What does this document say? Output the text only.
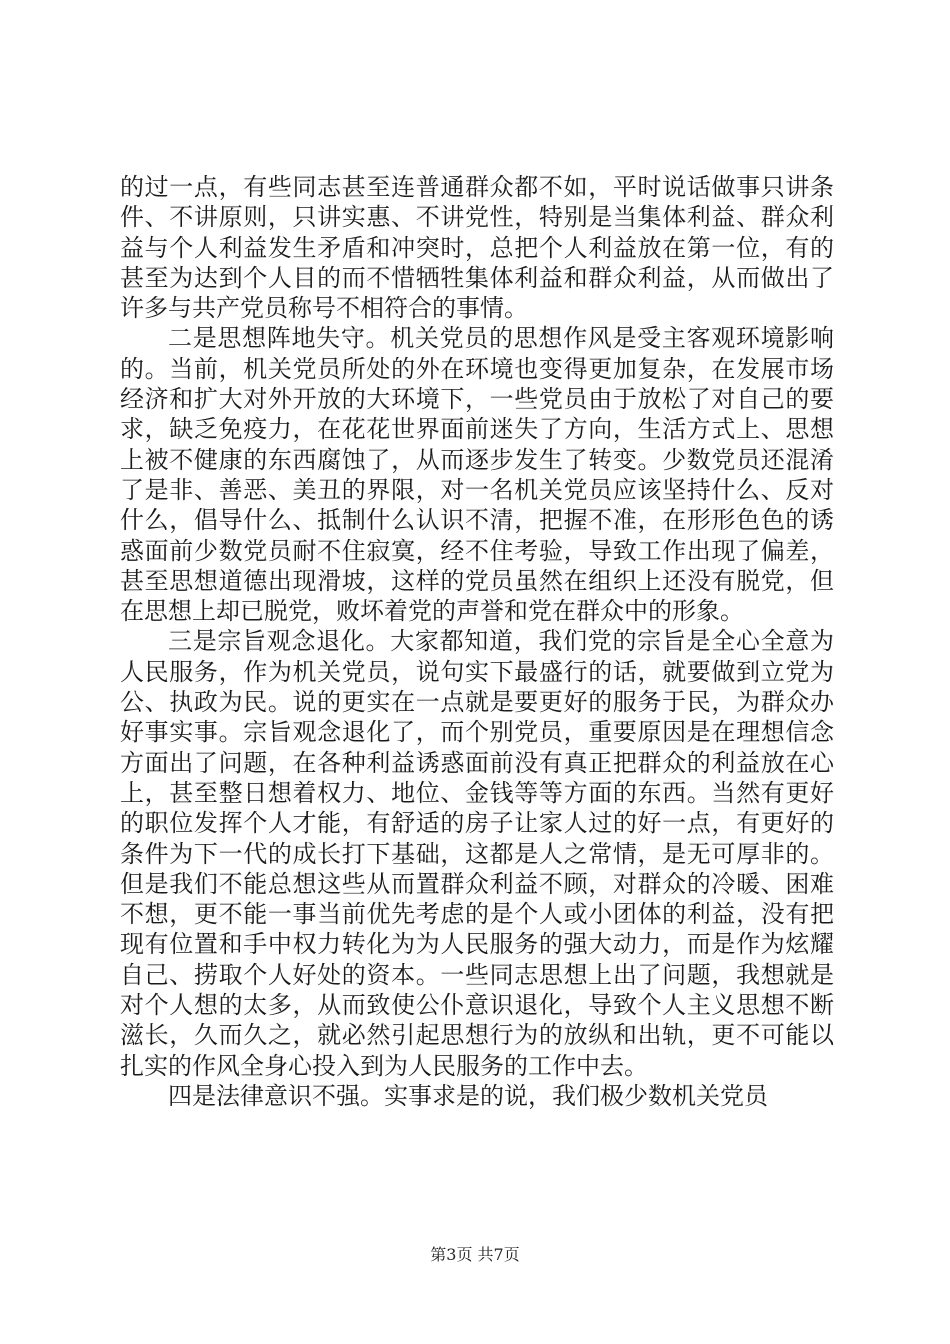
的过一点，有些同志甚至连普通群众都不如，平时说话做事只讲条件、不讲原则，只讲实惠、不讲党性，特别是当集体利益、群众利益与个人利益发生矛盾和冲突时，总把个人利益放在第一位，有的甚至为达到个人目的而不惜牺牲集体利益和群众利益，从而做出了许多与共产党员称号不相符合的事情。

二是思想阵地失守。机关党员的思想作风是受主客观环境影响的。当前，机关党员所处的外在环境也变得更加复杂，在发展市场经济和扩大对外开放的大环境下，一些党员由于放松了对自己的要求，缺乏免疫力，在花花世界面前迷失了方向，生活方式上、思想上被不健康的东西腐蚀了，从而逐步发生了转变。少数党员还混淆了是非、善恶、美丑的界限，对一名机关党员应该坚持什么、反对什么，倡导什么、抵制什么认识不清，把握不准，在形形色色的诱惑面前少数党员耐不住寂寞，经不住考验，导致工作出现了偏差，甚至思想道德出现滑坡，这样的党员虽然在组织上还没有脱党，但在思想上却已脱党，败坏着党的声誉和党在群众中的形象。

三是宗旨观念退化。大家都知道，我们党的宗旨是全心全意为人民服务，作为机关党员，说句实下最盛行的话，就要做到立党为公、执政为民。说的更实在一点就是要更好的服务于民，为群众办好事实事。宗旨观念退化了，而个别党员，重要原因是在理想信念方面出了问题，在各种利益诱惑面前没有真正把群众的利益放在心上，甚至整日想着权力、地位、金钱等等方面的东西。当然有更好的职位发挥个人才能，有舒适的房子让家人过的好一点，有更好的条件为下一代的成长打下基础，这都是人之常情，是无可厚非的。但是我们不能总想这些从而置群众利益不顾，对群众的冷暖、困难不想，更不能一事当前优先考虑的是个人或小团体的利益，没有把现有位置和手中权力转化为为人民服务的强大动力，而是作为炫耀自己、捞取个人好处的资本。一些同志思想上出了问题，我想就是对个人想的太多，从而致使公仆意识退化，导致个人主义思想不断滋长，久而久之，就必然引起思想行为的放纵和出轨，更不可能以扎实的作风全身心投入到为人民服务的工作中去。

四是法律意识不强。实事求是的说，我们极少数机关党员

第3页 共7页
